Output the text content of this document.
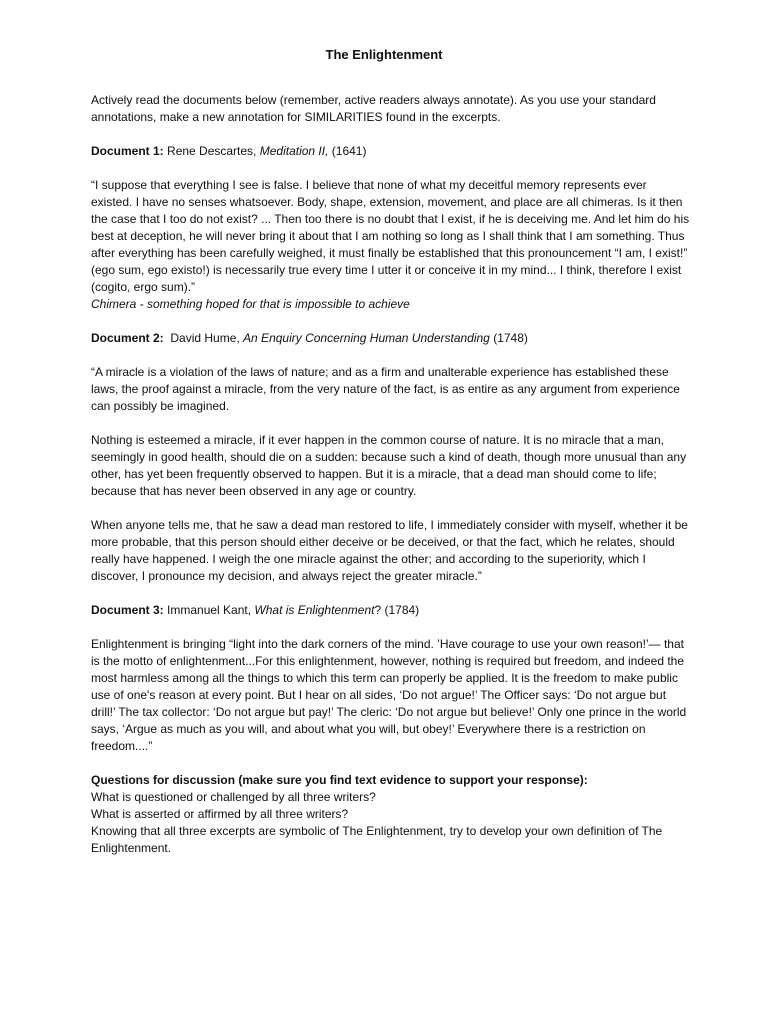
The Enlightenment

Actively read the documents below (remember, active readers always annotate). As you use your standard annotations, make a new annotation for SIMILARITIES found in the excerpts.

Document 1: Rene Descartes, Meditation II, (1641)

“I suppose that everything I see is false. I believe that none of what my deceitful memory represents ever existed. I have no senses whatsoever. Body, shape, extension, movement, and place are all chimeras. Is it then the case that I too do not exist? ... Then too there is no doubt that I exist, if he is deceiving me. And let him do his best at deception, he will never bring it about that I am nothing so long as I shall think that I am something. Thus after everything has been carefully weighed, it must finally be established that this pronouncement “I am, I exist!” (ego sum, ego existo!) is necessarily true every time I utter it or conceive it in my mind... I think, therefore I exist (cogito, ergo sum).”

Chimera - something hoped for that is impossible to achieve

Document 2:  David Hume, An Enquiry Concerning Human Understanding (1748)

“A miracle is a violation of the laws of nature; and as a firm and unalterable experience has established these laws, the proof against a miracle, from the very nature of the fact, is as entire as any argument from experience can possibly be imagined.

Nothing is esteemed a miracle, if it ever happen in the common course of nature. It is no miracle that a man, seemingly in good health, should die on a sudden: because such a kind of death, though more unusual than any other, has yet been frequently observed to happen. But it is a miracle, that a dead man should come to life; because that has never been observed in any age or country.

When anyone tells me, that he saw a dead man restored to life, I immediately consider with myself, whether it be more probable, that this person should either deceive or be deceived, or that the fact, which he relates, should really have happened. I weigh the one miracle against the other; and according to the superiority, which I discover, I pronounce my decision, and always reject the greater miracle.”

Document 3: Immanuel Kant, What is Enlightenment? (1784)

Enlightenment is bringing “light into the dark corners of the mind. ’Have courage to use your own reason!’— that is the motto of enlightenment...For this enlightenment, however, nothing is required but freedom, and indeed the most harmless among all the things to which this term can properly be applied. It is the freedom to make public use of one's reason at every point. But I hear on all sides, ‘Do not argue!’ The Officer says: ‘Do not argue but drill!’ The tax collector: ‘Do not argue but pay!’ The cleric: ‘Do not argue but believe!’ Only one prince in the world says, ‘Argue as much as you will, and about what you will, but obey!’ Everywhere there is a restriction on freedom....”

Questions for discussion (make sure you find text evidence to support your response):

What is questioned or challenged by all three writers?

What is asserted or affirmed by all three writers?

Knowing that all three excerpts are symbolic of The Enlightenment, try to develop your own definition of The Enlightenment.
